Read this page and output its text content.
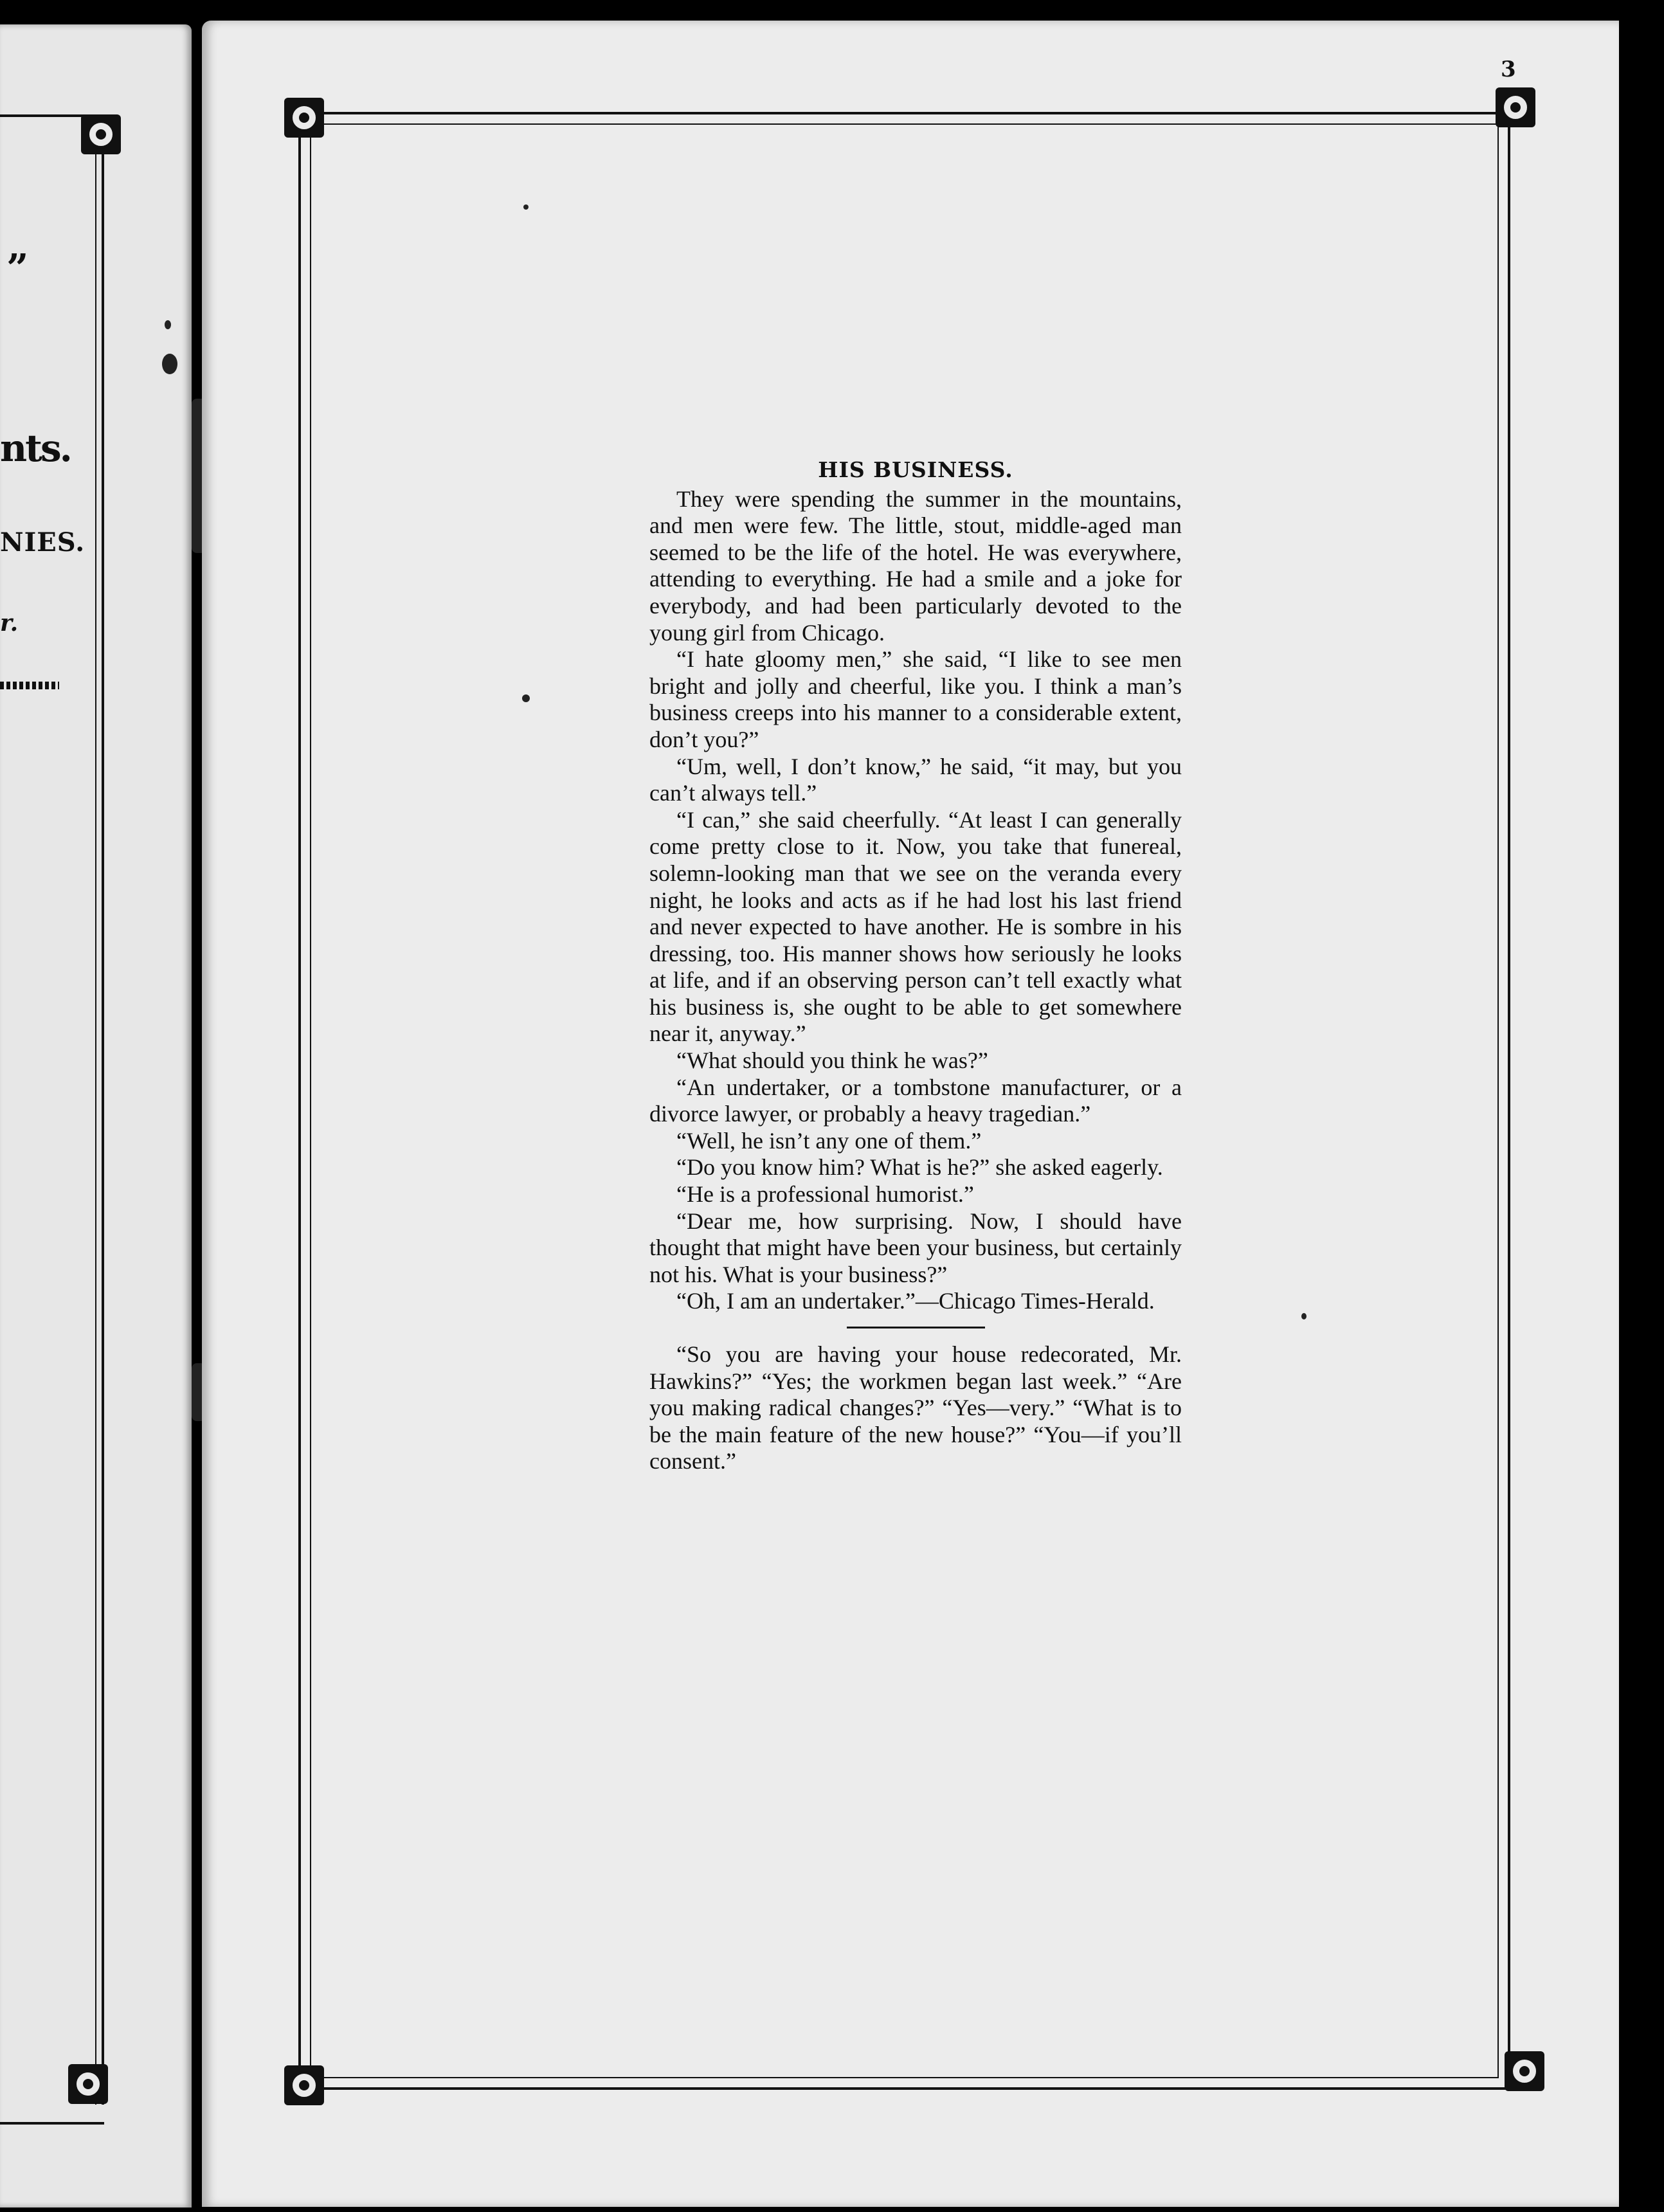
”
nts.
NIES.
r.
3
HIS BUSINESS.

They were spending the summer in the mountains, and men were few. The little, stout, middle-aged man seemed to be the life of the hotel. He was everywhere, attending to everything. He had a smile and a joke for everybody, and had been particularly devoted to the young girl from Chicago.

“I hate gloomy men,” she said, “I like to see men bright and jolly and cheerful, like you. I think a man’s business creeps into his manner to a considerable extent, don’t you?”

“Um, well, I don’t know,” he said, “it may, but you can’t always tell.”

“I can,” she said cheerfully. “At least I can generally come pretty close to it. Now, you take that funereal, solemn-looking man that we see on the veranda every night, he looks and acts as if he had lost his last friend and never expected to have another. He is sombre in his dressing, too. His manner shows how seriously he looks at life, and if an observing person can’t tell exactly what his business is, she ought to be able to get somewhere near it, anyway.”

“What should you think he was?”

“An undertaker, or a tombstone manufacturer, or a divorce lawyer, or probably a heavy tragedian.”

“Well, he isn’t any one of them.”

“Do you know him? What is he?” she asked eagerly.

“He is a professional humorist.”

“Dear me, how surprising. Now, I should have thought that might have been your business, but certainly not his. What is your business?”

“Oh, I am an undertaker.”—Chicago Times-Herald.

“So you are having your house redecorated, Mr. Hawkins?” “Yes; the workmen began last week.” “Are you making radical changes?” “Yes—very.” “What is to be the main feature of the new house?” “You—if you’ll consent.”
